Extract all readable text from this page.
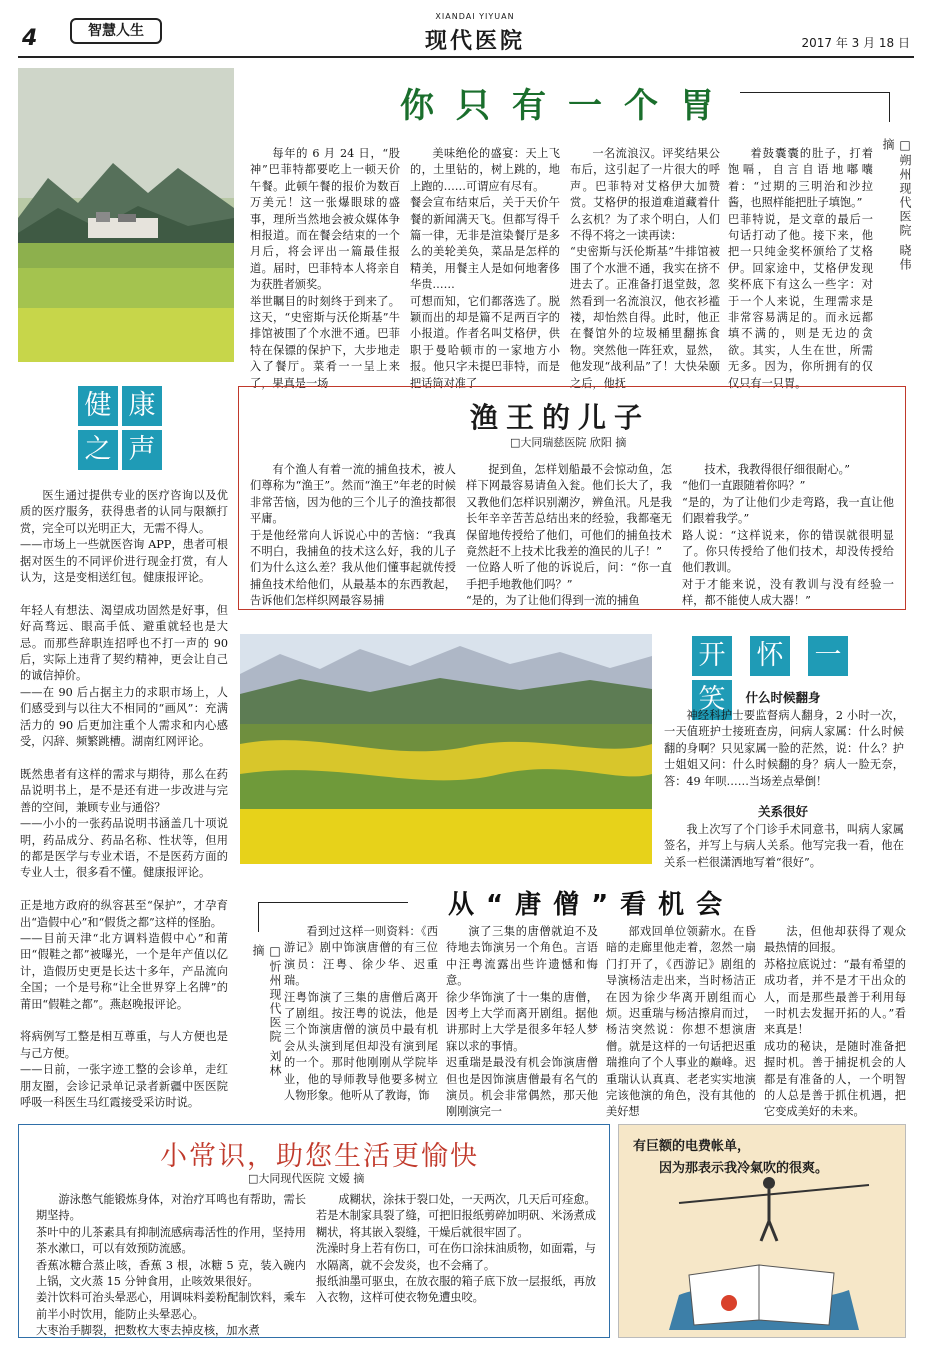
4	智慧人生
XIANDAI YIYUAN
现代医院	2017 年 3 月 18 日
你只有一个胃
□朔州现代医院 晓伟 摘
每年的 6 月 24 日，“股神”巴菲特都要吃上一顿天价午餐。此顿午餐的报价为数百万美元！这一张爆眼球的盛事，理所当然地会被众媒体争相报道。而在餐会结束的一个月后，将会评出一篇最佳报道。届时，巴菲特本人将亲自为获胜者颁奖。
举世瞩目的时刻终于到来了。这天，“史密斯与沃伦斯基”牛排馆被围了个水泄不通。巴菲特在保镖的保护下，大步地走入了餐厅。菜肴一一呈上来了，果真是一场
美味绝伦的盛宴：天上飞的，土里钻的，树上跳的，地上跑的……可谓应有尽有。
餐会宣布结束后，关于天价午餐的新闻满天飞。但都写得千篇一律，无非是渲染餐厅是多么的美轮美奂，菜品是怎样的精美，用餐主人是如何地奢侈华贵……
可想而知，它们都落选了。脱颖而出的却是篇不足两百字的小报道。作者名叫艾格伊，供职于曼哈顿市的一家地方小报。他只字未提巴菲特，而是把话筒对准了
一名流浪汉。评奖结果公布后，这引起了一片很大的呼声。巴菲特对艾格伊大加赞赏。艾格伊的报道难道藏着什么玄机？为了求个明白，人们不得不将之一读再读：
“史密斯与沃伦斯基”牛排馆被围了个水泄不通，我实在挤不进去了。正准备打退堂鼓，忽然看到一名流浪汉，他衣衫褴褛，却怡然自得。此时，他正在餐馆外的垃圾桶里翻拣食物。突然他一阵狂欢，显然，他发现“战利品”了！大快朵颐之后，他抚
着鼓囊囊的肚子，打着饱嗝，自言自语地嘟囔着：“过期的三明治和沙拉酱，也照样能把肚子填饱。”
巴菲特说，是文章的最后一句话打动了他。接下来，他把一只纯金奖杯颁给了艾格伊。回家途中，艾格伊发现奖杯底下有这么一些字：对于一个人来说，生理需求是非常容易满足的。而永远都填不满的，则是无边的贪欲。其实，人生在世，所需无多。因为，你所拥有的仅仅只有一只胃。
健 康之 声
医生通过提供专业的医疗咨询以及优质的医疗服务，获得患者的认同与限额打赏，完全可以光明正大，无需不得人。
——市场上一些就医咨询 APP，患者可根据对医生的不同评价进行现金打赏，有人认为，这是变相送红包。健康报评论。

年轻人有想法、渴望成功固然是好事，但好高骛远、眼高手低、避重就轻也是大忌。而那些辞职连招呼也不打一声的 90 后，实际上违背了契约精神，更会让自己的诚信掉价。
——在 90 后占据主力的求职市场上，人们感受到与以往大不相同的“画风”：充满活力的 90 后更加注重个人需求和内心感受，闪辞、频繁跳槽。湖南红网评论。

既然患者有这样的需求与期待，那么在药品说明书上，是不是还有进一步改进与完善的空间，兼顾专业与通俗？
——小小的一张药品说明书涵盖几十项说明，药品成分、药品名称、性状等，但用的都是医学与专业术语，不是医药方面的专业人士，很多看不懂。健康报评论。

正是地方政府的纵容甚至“保护”，才孕育出“造假中心”和“假货之都”这样的怪胎。
——目前天津“北方调料造假中心”和莆田“假鞋之都”被曝光，一个是年产值以亿计，造假历史更是长达十多年，产品流向全国；一个是号称“让全世界穿上名牌”的莆田“假鞋之都”。燕赵晚报评论。

将病例写工整是相互尊重，与人方便也是与己方便。
——日前，一张字迹工整的会诊单，走红朋友圈，会诊记录单记录者新疆中医医院呼吸一科医生马红霞接受采访时说。
渔王的儿子
□大同瑞慈医院 欣阳 摘
有个渔人有着一流的捕鱼技术，被人们尊称为“渔王”。然而“渔王”年老的时候非常苦恼，因为他的三个儿子的渔技都很平庸。
于是他经常向人诉说心中的苦恼：“我真不明白，我捕鱼的技术这么好，我的儿子们为什么这么差？我从他们懂事起就传授捕鱼技术给他们，从最基本的东西教起，告诉他们怎样织网最容易捕
捉到鱼，怎样划船最不会惊动鱼，怎样下网最容易请鱼入瓮。他们长大了，我又教他们怎样识别潮汐，辨鱼汛。凡是我长年辛辛苦苦总结出来的经验，我都毫无保留地传授给了他们，可他们的捕鱼技术竟然赶不上技术比我差的渔民的儿子！”
一位路人听了他的诉说后，问：“你一直手把手地教他们吗？”
“是的，为了让他们得到一流的捕鱼
技术，我教得很仔细很耐心。”
“他们一直跟随着你吗？”
“是的，为了让他们少走弯路，我一直让他们跟着我学。”
路人说：“这样说来，你的错误就很明显了。你只传授给了他们技术，却没传授给他们教训。
对于才能来说，没有教训与没有经验一样，都不能使人成大器！”
开 怀 一笑	什么时候翻身
神经科护士要监督病人翻身，2 小时一次，一天值班护士接班查房，问病人家属：什么时候翻的身啊？只见家属一脸的茫然，说：什么？护士姐姐又问：什么时候翻的身？病人一脸无奈，答：49 年呗……当场差点晕倒！
关系很好
我上次写了个门诊手术同意书，叫病人家属签名，并写上与病人关系。他写完我一看，他在关系一栏很潇洒地写着“很好”。
从“唐僧”看机会
□忻州现代医院 刘林 摘
看到过这样一则资料：《西游记》剧中饰演唐僧的有三位演员：汪粤、徐少华、迟重瑞。
汪粤饰演了三集的唐僧后离开了剧组。按汪粤的说法，他是三个饰演唐僧的演员中最有机会从头演到尾但却没有演到尾的一个。那时他刚刚从学院毕业，他的导师教导他要多树立人物形象。他听从了教诲，饰
演了三集的唐僧就迫不及待地去饰演另一个角色。言语中汪粤流露出些许遗憾和悔意。
徐少华饰演了十一集的唐僧，因考上大学而离开剧组。据他讲那时上大学是很多年轻人梦寐以求的事情。
迟重瑞是最没有机会饰演唐僧但也是因饰演唐僧最有名气的演员。机会非常偶然，那天他刚刚演完一
部戏回单位领薪水。在昏暗的走廊里他走着，忽然一扇门打开了，《西游记》剧组的导演杨洁走出来，当时杨洁正在因为徐少华离开剧组而心烦。迟重瑞与杨洁擦肩而过，杨洁突然说：你想不想演唐僧。就是这样的一句话把迟重瑞推向了个人事业的巅峰。迟重瑞认认真真、老老实实地演完该他演的角色，没有其他的美好想
法，但他却获得了观众最热情的回报。
苏格拉底说过：“最有希望的成功者，并不是才干出众的人，而是那些最善于利用每一时机去发掘开拓的人。”看来真是！
成功的秘诀，是随时准备把握时机。善于捕捉机会的人都是有准备的人，一个明智的人总是善于抓住机遇，把它变成美好的未来。
小常识，助您生活更愉快
□大同现代医院 文嫒 摘
游泳憋气能锻炼身体，对治疗耳鸣也有帮助，需长期坚持。
茶叶中的儿茶素具有抑制流感病毒活性的作用，坚持用茶水漱口，可以有效预防流感。
香蕉冰糖合蒸止咳，香蕉 3 根，冰糖 5 克，装入碗内上锅，文火蒸 15 分钟食用，止咳效果很好。
姜汁饮料可治头晕恶心，用调味料姜粉配制饮料，乘车前半小时饮用，能防止头晕恶心。
大枣治手脚裂，把数枚大枣去掉皮核，加水煮
成糊状，涂抹于裂口处，一天两次，几天后可痊愈。
若是木制家具裂了缝，可把旧报纸剪碎加明矾、米汤煮成糊状，将其嵌入裂缝，干燥后就很牢固了。
洗澡时身上若有伤口，可在伤口涂抹油质物，如面霜，与水隔离，就不会发炎，也不会痛了。
报纸油墨可驱虫，在放衣服的箱子底下放一层报纸，再放入衣物，这样可使衣物免遭虫咬。
有巨额的电费帐单，
因为那表示我冷氣吹的很爽。
